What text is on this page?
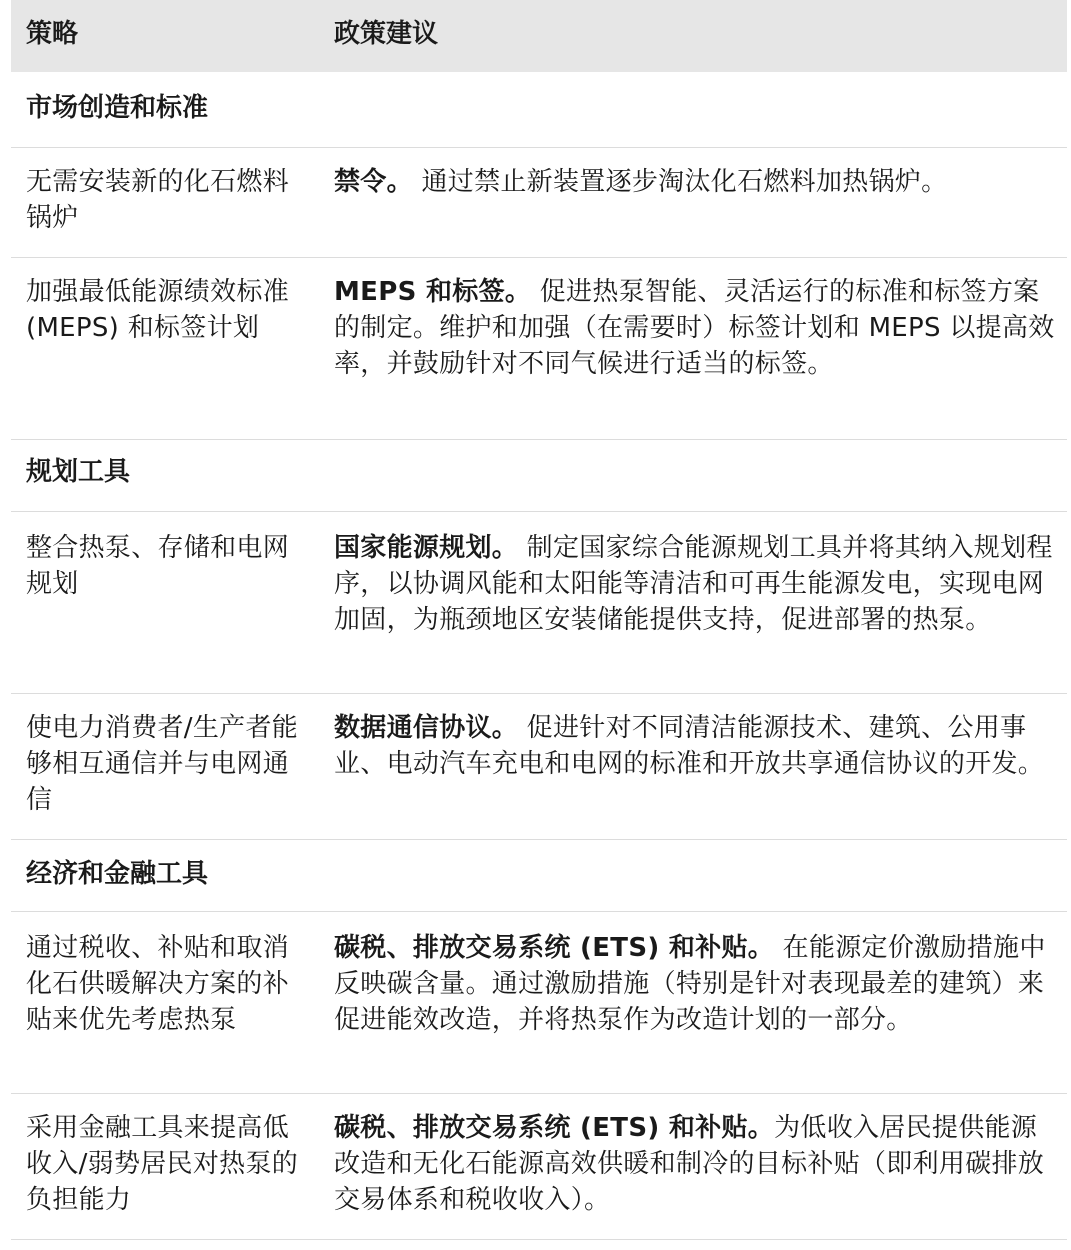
策略	政策建议
市场创造和标准
无需安装新的化石燃料锅炉
禁令。 通过禁止新装置逐步淘汰化石燃料加热锅炉。
加强最低能源绩效标准 (MEPS) 和标签计划
MEPS 和标签。 促进热泵智能、灵活运行的标准和标签方案的制定。维护和加强（在需要时）标签计划和 MEPS 以提高效率，并鼓励针对不同气候进行适当的标签。
规划工具
整合热泵、存储和电网规划
国家能源规划。 制定国家综合能源规划工具并将其纳入规划程序，以协调风能和太阳能等清洁和可再生能源发电，实现电网加固，为瓶颈地区安装储能提供支持，促进部署的热泵。
使电力消费者/生产者能够相互通信并与电网通信
数据通信协议。 促进针对不同清洁能源技术、建筑、公用事业、电动汽车充电和电网的标准和开放共享通信协议的开发。
经济和金融工具
通过税收、补贴和取消化石供暖解决方案的补贴来优先考虑热泵
碳税、排放交易系统 (ETS) 和补贴。 在能源定价激励措施中反映碳含量。通过激励措施（特别是针对表现最差的建筑）来促进能效改造，并将热泵作为改造计划的一部分。
采用金融工具来提高低收入/弱势居民对热泵的负担能力
碳税、排放交易系统 (ETS) 和补贴。为低收入居民提供能源改造和无化石能源高效供暖和制冷的目标补贴（即利用碳排放交易体系和税收收入）。
